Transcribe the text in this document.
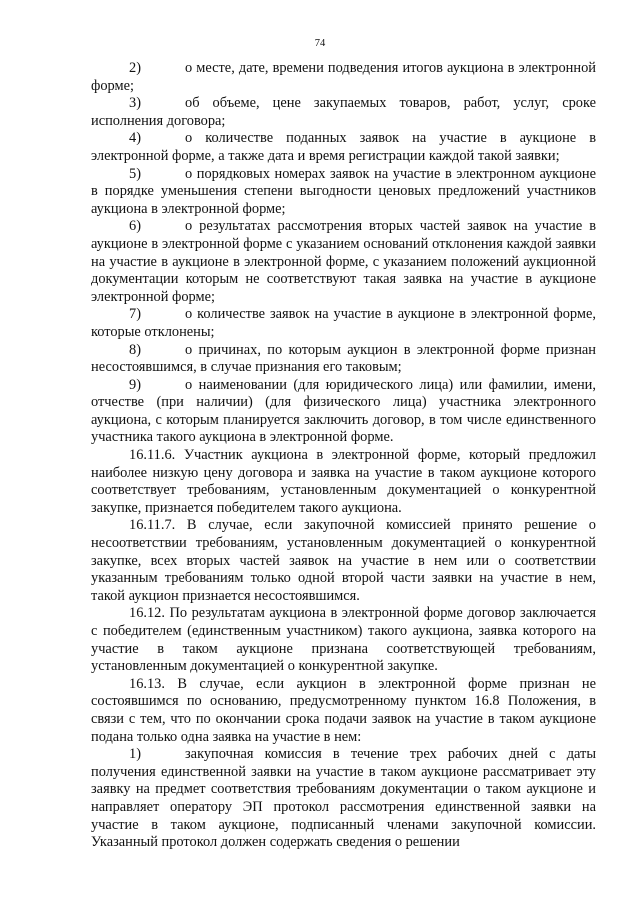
74

2)	о месте, дате, времени подведения итогов аукциона в электронной форме;

3)	об объеме, цене закупаемых товаров, работ, услуг, сроке исполнения договора;

4)	о количестве поданных заявок на участие в аукционе в электронной форме, а также дата и время регистрации каждой такой заявки;

5)	о порядковых номерах заявок на участие в электронном аукционе в порядке уменьшения степени выгодности ценовых предложений участников аукциона в электронной форме;

6)	о результатах рассмотрения вторых частей заявок на участие в аукционе в электронной форме с указанием оснований отклонения каждой заявки на участие в аукционе в электронной форме, с указанием положений аукционной документации которым не соответствуют такая заявка на участие в аукционе электронной форме;

7)	о количестве заявок на участие в аукционе в электронной форме, которые отклонены;

8)	о причинах, по которым аукцион в электронной форме признан несостоявшимся, в случае признания его таковым;

9)	о наименовании (для юридического лица) или фамилии, имени, отчестве (при наличии) (для физического лица) участника электронного аукциона, с которым планируется заключить договор, в том числе единственного участника такого аукциона в электронной форме.

16.11.6. Участник аукциона в электронной форме, который предложил наиболее низкую цену договора и заявка на участие в таком аукционе которого соответствует требованиям, установленным документацией о конкурентной закупке, признается победителем такого аукциона.

16.11.7. В случае, если закупочной комиссией принято решение о несоответствии требованиям, установленным документацией о конкурентной закупке, всех вторых частей заявок на участие в нем или о соответствии указанным требованиям только одной второй части заявки на участие в нем, такой аукцион признается несостоявшимся.

16.12. По результатам аукциона в электронной форме договор заключается с победителем (единственным участником) такого аукциона, заявка которого на участие в таком аукционе признана соответствующей требованиям, установленным документацией о конкурентной закупке.

16.13. В случае, если аукцион в электронной форме признан не состоявшимся по основанию, предусмотренному пунктом 16.8 Положения, в связи с тем, что по окончании срока подачи заявок на участие в таком аукционе подана только одна заявка на участие в нем:

1)	закупочная комиссия в течение трех рабочих дней с даты получения единственной заявки на участие в таком аукционе рассматривает эту заявку на предмет соответствия требованиям документации о таком аукционе и направляет оператору ЭП протокол рассмотрения единственной заявки на участие в таком аукционе, подписанный членами закупочной комиссии. Указанный протокол должен содержать сведения о решении
